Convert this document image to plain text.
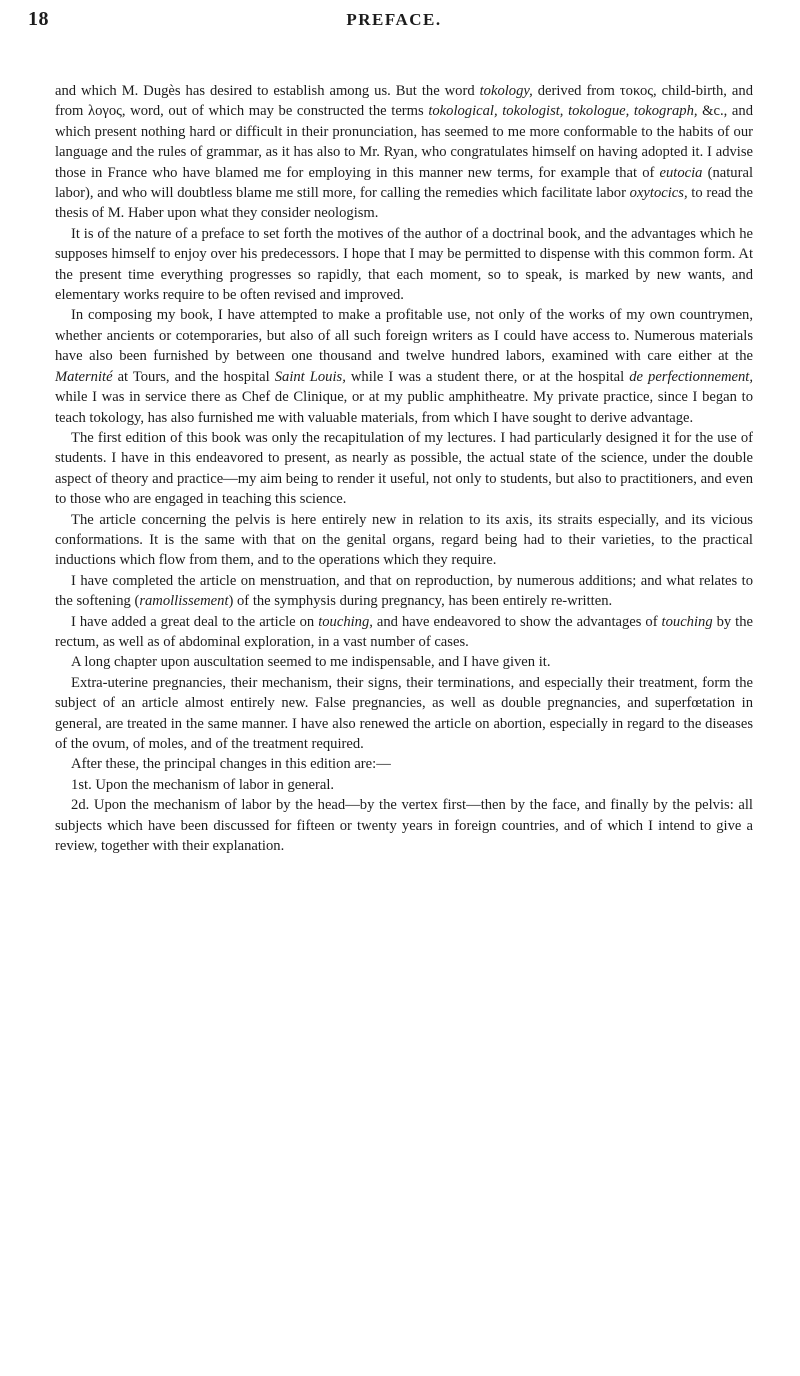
18	PREFACE.

and which M. Dugès has desired to establish among us. But the word tokology, derived from τοκος, child-birth, and from λογος, word, out of which may be constructed the terms tokological, tokologist, tokologue, tokograph, &c., and which present nothing hard or difficult in their pronunciation, has seemed to me more conformable to the habits of our language and the rules of grammar, as it has also to Mr. Ryan, who congratulates himself on having adopted it. I advise those in France who have blamed me for employing in this manner new terms, for example that of eutocia (natural labor), and who will doubtless blame me still more, for calling the remedies which facilitate labor oxytocics, to read the thesis of M. Haber upon what they consider neologism.

It is of the nature of a preface to set forth the motives of the author of a doctrinal book, and the advantages which he supposes himself to enjoy over his predecessors. I hope that I may be permitted to dispense with this common form. At the present time everything progresses so rapidly, that each moment, so to speak, is marked by new wants, and elementary works require to be often revised and improved.

In composing my book, I have attempted to make a profitable use, not only of the works of my own countrymen, whether ancients or cotemporaries, but also of all such foreign writers as I could have access to. Numerous materials have also been furnished by between one thousand and twelve hundred labors, examined with care either at the Maternité at Tours, and the hospital Saint Louis, while I was a student there, or at the hospital de perfectionnement, while I was in service there as Chef de Clinique, or at my public amphitheatre. My private practice, since I began to teach tokology, has also furnished me with valuable materials, from which I have sought to derive advantage.

The first edition of this book was only the recapitulation of my lectures. I had particularly designed it for the use of students. I have in this endeavored to present, as nearly as possible, the actual state of the science, under the double aspect of theory and practice—my aim being to render it useful, not only to students, but also to practitioners, and even to those who are engaged in teaching this science.

The article concerning the pelvis is here entirely new in relation to its axis, its straits especially, and its vicious conformations. It is the same with that on the genital organs, regard being had to their varieties, to the practical inductions which flow from them, and to the operations which they require.

I have completed the article on menstruation, and that on reproduction, by numerous additions; and what relates to the softening (ramollissement) of the symphysis during pregnancy, has been entirely re-written.

I have added a great deal to the article on touching, and have endeavored to show the advantages of touching by the rectum, as well as of abdominal exploration, in a vast number of cases.

A long chapter upon auscultation seemed to me indispensable, and I have given it.

Extra-uterine pregnancies, their mechanism, their signs, their terminations, and especially their treatment, form the subject of an article almost entirely new. False pregnancies, as well as double pregnancies, and superfœtation in general, are treated in the same manner. I have also renewed the article on abortion, especially in regard to the diseases of the ovum, of moles, and of the treatment required.

After these, the principal changes in this edition are:—

1st. Upon the mechanism of labor in general.

2d. Upon the mechanism of labor by the head—by the vertex first—then by the face, and finally by the pelvis: all subjects which have been discussed for fifteen or twenty years in foreign countries, and of which I intend to give a review, together with their explanation.
